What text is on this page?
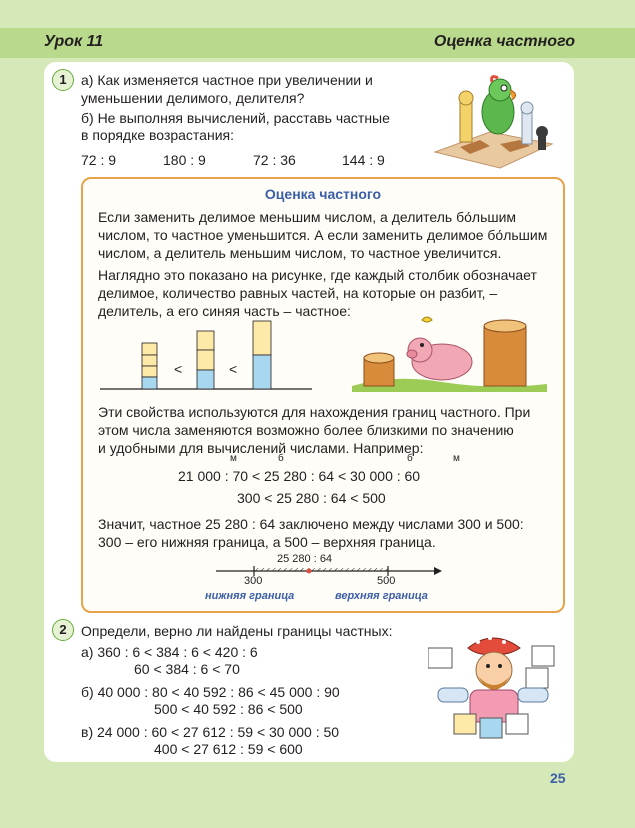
Урок 11	Оценка частного
1	а) Как изменяется частное при увеличении и
уменьшении делимого, делителя?
б) Не выполняя вычислений, расставь частные
в порядке возрастания:
72 : 9	180 : 9	72 : 36	144 : 9
Оценка частного
Если заменить делимое меньшим числом, а делитель бо́льшим
числом, то частное уменьшится. А если заменить делимое бо́льшим
числом, а делитель меньшим числом, то частное увеличится.
Наглядно это показано на рисунке, где каждый столбик обозначает
делимое, количество равных частей, на которые он разбит, –
делитель, а его синяя часть – частное:
<	<
Эти свойства используются для нахождения границ частного. При
этом числа заменяются возможно более близкими по значению
и удобными для вычислений числами. Например:
м	б	б	м
21 000 : 70 < 25 280 : 64 < 30 000 : 60
300 < 25 280 : 64 < 500
Значит, частное 25 280 : 64 заключено между числами 300 и 500:
300 – его нижняя граница, а 500 – верхняя граница.
25 280 : 64
300	500
нижняя граница	верхняя граница
2	Определи, верно ли найдены границы частных:
а) 360 : 6 < 384 : 6 < 420 : 6
60 < 384 : 6 < 70
б) 40 000 : 80 < 40 592 : 86 < 45 000 : 90
500 < 40 592 : 86 < 500
в) 24 000 : 60 < 27 612 : 59 < 30 000 : 50
400 < 27 612 : 59 < 600
25
